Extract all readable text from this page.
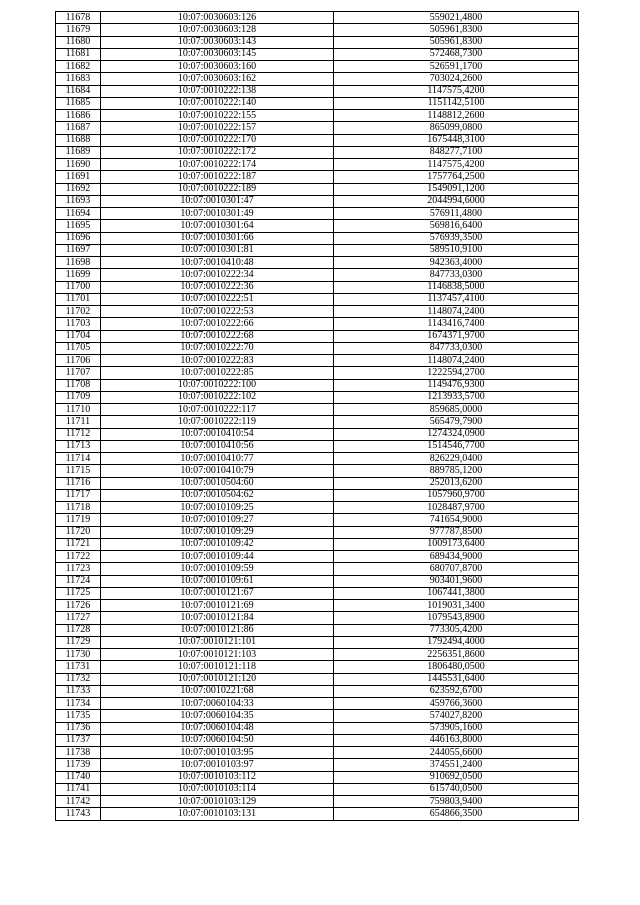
11678	10:07:0030603:126	559021,4800
11679	10:07:0030603:128	505961,8300
11680	10:07:0030603:143	505961,8300
11681	10:07:0030603:145	572468,7300
11682	10:07:0030603:160	526591,1700
11683	10:07:0030603:162	703024,2600
11684	10:07:0010222:138	1147575,4200
11685	10:07:0010222:140	1151142,5100
11686	10:07:0010222:155	1148812,2600
11687	10:07:0010222:157	865099,0800
11688	10:07:0010222:170	1675448,3100
11689	10:07:0010222:172	848277,7100
11690	10:07:0010222:174	1147575,4200
11691	10:07:0010222:187	1757764,2500
11692	10:07:0010222:189	1549091,1200
11693	10:07:0010301:47	2044994,6000
11694	10:07:0010301:49	576911,4800
11695	10:07:0010301:64	569816,6400
11696	10:07:0010301:66	576939,3500
11697	10:07:0010301:81	589510,9100
11698	10:07:0010410:48	942363,4000
11699	10:07:0010222:34	847733,0300
11700	10:07:0010222:36	1146838,5000
11701	10:07:0010222:51	1137457,4100
11702	10:07:0010222:53	1148074,2400
11703	10:07:0010222:66	1143416,7400
11704	10:07:0010222:68	1674371,9700
11705	10:07:0010222:70	847733,0300
11706	10:07:0010222:83	1148074,2400
11707	10:07:0010222:85	1222594,2700
11708	10:07:0010222:100	1149476,9300
11709	10:07:0010222:102	1213933,5700
11710	10:07:0010222:117	859685,0000
11711	10:07:0010222:119	565479,7900
11712	10:07:0010410:54	1274324,0900
11713	10:07:0010410:56	1514546,7700
11714	10:07:0010410:77	826229,0400
11715	10:07:0010410:79	889785,1200
11716	10:07:0010504:60	252013,6200
11717	10:07:0010504:62	1057960,9700
11718	10:07:0010109:25	1028487,9700
11719	10:07:0010109:27	741654,9000
11720	10:07:0010109:29	977787,8500
11721	10:07:0010109:42	1009173,6400
11722	10:07:0010109:44	689434,9000
11723	10:07:0010109:59	680707,8700
11724	10:07:0010109:61	903401,9600
11725	10:07:0010121:67	1067441,3800
11726	10:07:0010121:69	1019031,3400
11727	10:07:0010121:84	1079543,8900
11728	10:07:0010121:86	773305,4200
11729	10:07:0010121:101	1792494,4000
11730	10:07:0010121:103	2256351,8600
11731	10:07:0010121:118	1806480,0500
11732	10:07:0010121:120	1445531,6400
11733	10:07:0010221:68	623592,6700
11734	10:07:0060104:33	459766,3600
11735	10:07:0060104:35	574027,8200
11736	10:07:0060104:48	573905,1600
11737	10:07:0060104:50	446163,8000
11738	10:07:0010103:95	244055,6600
11739	10:07:0010103:97	374551,2400
11740	10:07:0010103:112	910692,0500
11741	10:07:0010103:114	615740,0500
11742	10:07:0010103:129	759803,9400
11743	10:07:0010103:131	654866,3500
